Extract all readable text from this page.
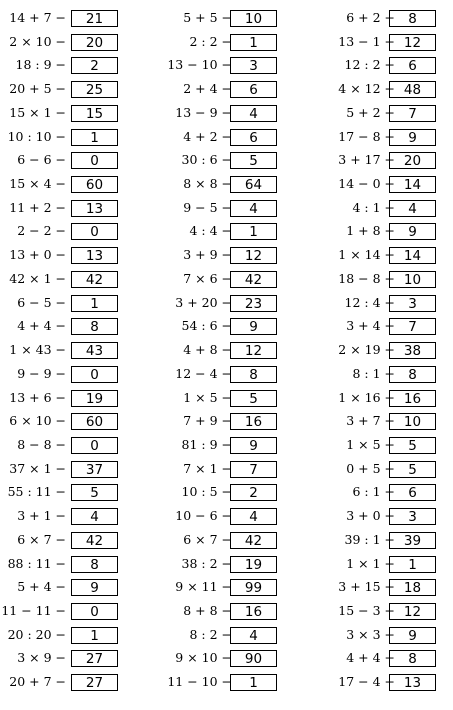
14 + 7 −	21
2 × 10 −	20
18 : 9 −	2
20 + 5 −	25
15 × 1 −	15
10 : 10 −	1
6 − 6 −	0
15 × 4 −	60
11 + 2 −	13
2 − 2 −	0
13 + 0 −	13
42 × 1 −	42
6 − 5 −	1
4 + 4 −	8
1 × 43 −	43
9 − 9 −	0
13 + 6 −	19
6 × 10 −	60
8 − 8 −	0
37 × 1 −	37
55 : 11 −	5
3 + 1 −	4
6 × 7 −	42
88 : 11 −	8
5 + 4 −	9
11 − 11 −	0
20 : 20 −	1
3 × 9 −	27
20 + 7 −	27
5 + 5 − 10
2 : 2 −	1
13 − 10 −	3
2 + 4 −	6
13 − 9 −	4
4 + 2 −	6
30 : 6 −	5
8 × 8 − 64
9 − 5 −	4
4 : 4 −	1
3 + 9 − 12
7 × 6 − 42
3 + 20 − 23
54 : 6 −	9
4 + 8 − 12
12 − 4 −	8
1 × 5 −	5
7 + 9 − 16
81 : 9 −	9
7 × 1 −	7
10 : 5 −	2
10 − 6 −	4
6 × 7 − 42
38 : 2 − 19
9 × 11 − 99
8 + 8 − 16
8 : 2 −	4
9 × 10 − 90
11 − 10 −	1
6 + 2 − 8
13 − 1 − 12
12 : 2 − 6
4 × 12 − 48
5 + 2 − 7
17 − 8 − 9
3 + 17 − 20
14 − 0 − 14
4 : 1 − 4
1 + 8 − 9
1 × 14 − 14
18 − 8 − 10
12 : 4 − 3
3 + 4 − 7
2 × 19 − 38
8 : 1 − 8
1 × 16 − 16
3 + 7 − 10
1 × 5 − 5
0 + 5 − 5
6 : 1 − 6
3 + 0 − 3
39 : 1 − 39
1 × 1 − 1
3 + 15 − 18
15 − 3 − 12
3 × 3 − 9
4 + 4 − 8
17 − 4 − 13
